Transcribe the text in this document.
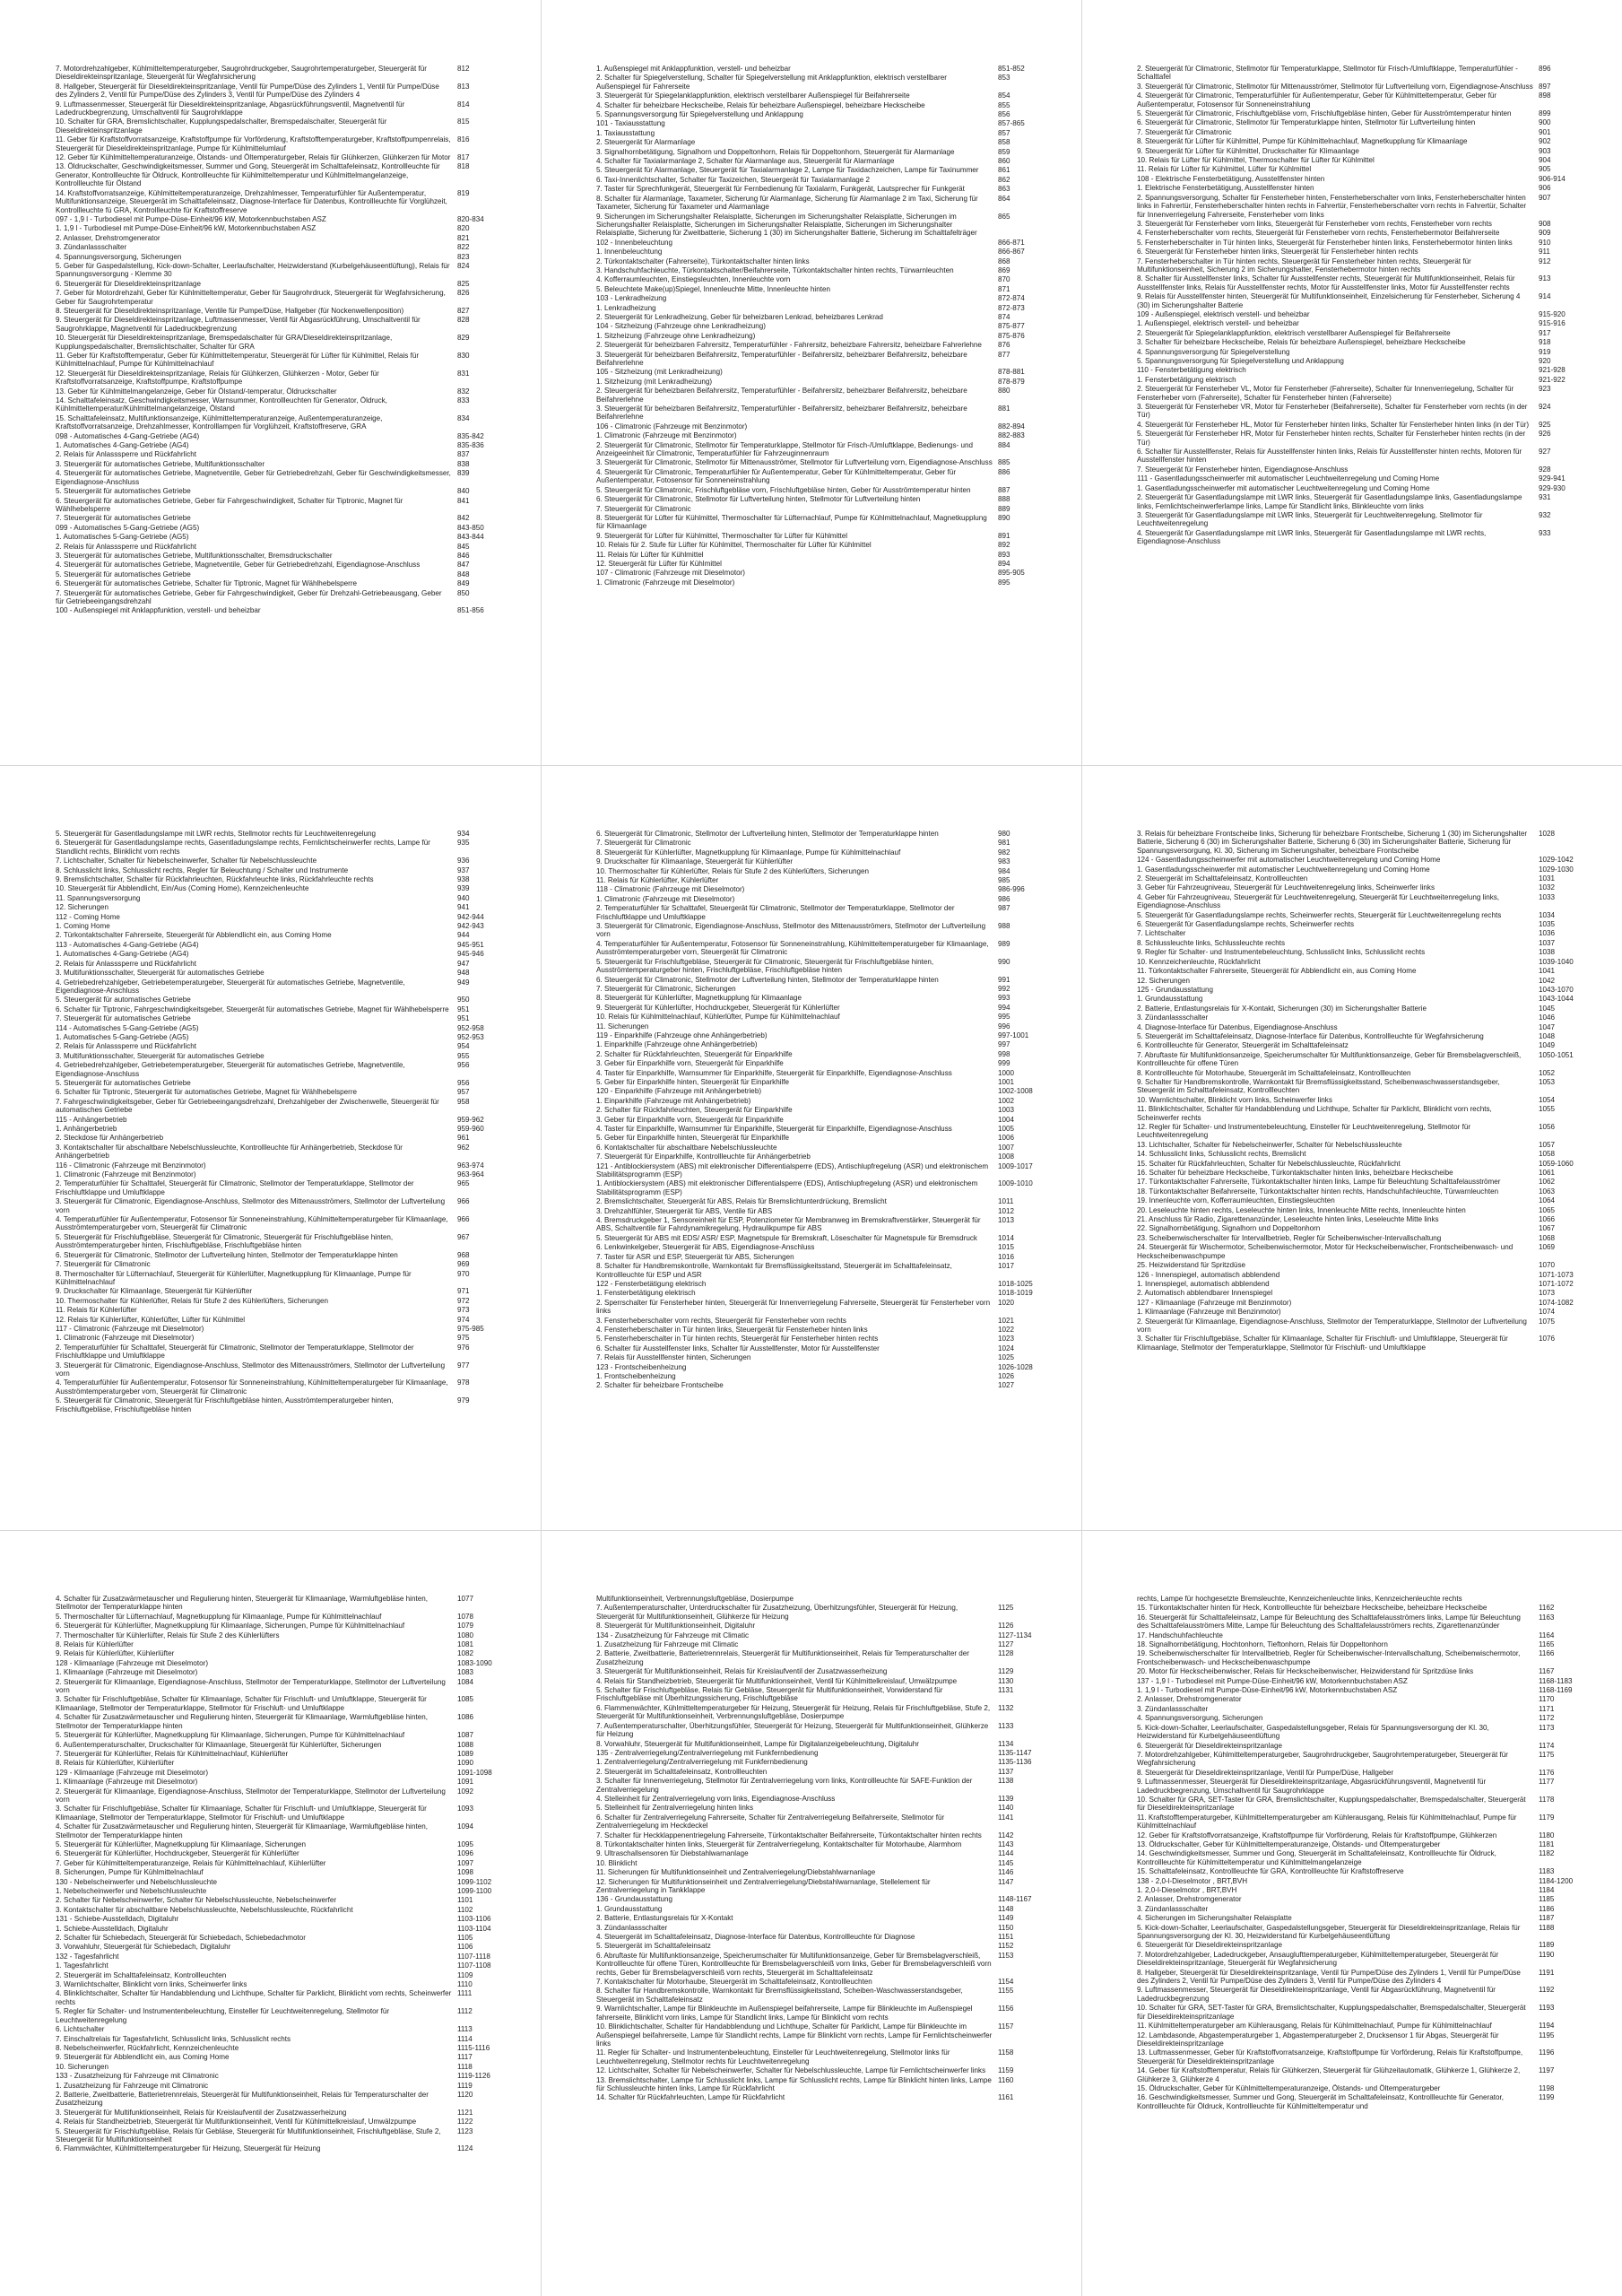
7. Motordrehzahlgeber, Kühlmitteltemperaturgeber, Saugrohrdruckgeber, Saugrohrtemperaturgeber, Steuergerät für Dieseldirekteinspritzanlage, Steuergerät für Wegfahrsicherung
812
8. Hallgeber, Steuergerät für Dieseldirekteinspritzanlage, Ventil für Pumpe/Düse des Zylinders 1, Ventil für Pumpe/Düse des Zylinders 2, Ventil für Pumpe/Düse des Zylinders 3, Ventil für Pumpe/Düse des Zylinders 4
813
9. Luftmassenmesser, Steuergerät für Dieseldirekteinspritzanlage, Abgasrückführungsventil, Magnetventil für Ladedruckbegrenzung, Umschaltventil für Saugrohrklappe
814
10. Schalter für GRA, Bremslichtschalter, Kupplungspedalschalter, Bremspedalschalter, Steuergerät für Dieseldirekteinspritzanlage
815
11. Geber für Kraftstoffvorratsanzeige, Kraftstoffpumpe für Vorförderung, Kraftstofftemperaturgeber, Kraftstoffpumpenrelais, Steuergerät für Dieseldirekteinspritzanlage, Pumpe für Kühlmittelumlauf
816
12. Geber für Kühlmitteltemperaturanzeige, Ölstands- und Öltemperaturgeber, Relais für Glühkerzen, Glühkerzen für Motor 817
13. Öldruckschalter, Geschwindigkeitsmesser, Summer und Gong, Steuergerät im Schalttafeleinsatz, Kontrollleuchte für Generator, Kontrollleuchte für Öldruck, Kontrollleuchte für Kühlmitteltemperatur und Kühlmittelmangelanzeige, Kontrollleuchte für Ölstand
818
14. Kraftstoffvorratsanzeige, Kühlmitteltemperaturanzeige, Drehzahlmesser, Temperaturfühler für Außentemperatur, Multifunktionsanzeige, Steuergerät im Schalttafeleinsatz, Diagnose-Interface für Datenbus, Kontrollleuchte für Vorglühzeit, Kontrollleuchte fü GRA, Kontrollleuchte für Kraftstoffreserve
819
097 - 1,9 l - Turbodiesel mit Pumpe-Düse-Einheit/96 kW, Motorkennbuchstaben ASZ	820-834
1. 1,9 l - Turbodiesel mit Pumpe-Düse-Einheit/96 kW, Motorkennbuchstaben ASZ	820
2. Anlasser, Drehstromgenerator	821
3. Zündanlassschalter	822
4. Spannungsversorgung, Sicherungen	823
5. Geber für Gaspedalstellung, Kick-down-Schalter, Leerlaufschalter, Heizwiderstand (Kurbelgehäuseentlüftung), Relais für Spannungsversorgung - Klemme 30
824
6. Steuergerät für Dieseldirekteinspritzanlage	825
7. Geber für Motordrehzahl, Geber für Kühlmitteltemperatur, Geber für Saugrohrdruck, Steuergerät für Wegfahrsicherung, Geber für Saugrohrtemperatur
826
8. Steuergerät für Dieseldirekteinspritzanlage, Ventile für Pumpe/Düse, Hallgeber (für Nockenwellenposition)	827
9. Steuergerät für Dieseldirekteinspritzanlage, Luftmassenmesser, Ventil für Abgasrückführung, Umschaltventil für Saugrohrklappe, Magnetventil für Ladedruckbegrenzung
828
10. Steuergerät für Dieseldirekteinspritzanlage, Bremspedalschalter für GRA/Dieseldirekteinspritzanlage, Kupplungspedalschalter, Bremslichtschalter, Schalter für GRA
829
11. Geber für Kraftstofftemperatur, Geber für Kühlmitteltemperatur, Steuergerät für Lüfter für Kühlmittel, Relais für Kühlmittelnachlauf, Pumpe für Kühlmittelnachlauf
830
12. Steuergerät für Dieseldirekteinspritzanlage, Relais für Glühkerzen, Glühkerzen - Motor, Geber für Kraftstoffvorratsanzeige, Kraftstoffpumpe, Kraftstoffpumpe
831
13. Geber für Kühlmittelmangelanzeige, Geber für Ölstand/-temperatur, Öldruckschalter	832
14. Schalttafeleinsatz, Geschwindigkeitsmesser, Warnsummer, Kontrollleuchten für Generator, Öldruck, Kühlmitteltemperatur/Kühlmittelmangelanzeige, Ölstand
833
15. Schalttafeleinsatz, Multifunktionsanzeige, Kühlmitteltemperaturanzeige, Außentemperaturanzeige, Kraftstoffvorratsanzeige, Drehzahlmesser, Kontrolllampen für Vorglühzeit, Kraftstoffreserve, GRA
834
098 - Automatisches 4-Gang-Getriebe (AG4)	835-842
1. Automatisches 4-Gang-Getriebe (AG4)	835-836
2. Relais für Anlasssperre und Rückfahrlicht	837
3. Steuergerät für automatisches Getriebe, Multifunktionsschalter	838
4. Steuergerät für automatisches Getriebe, Magnetventile, Geber für Getriebedrehzahl, Geber für Geschwindigkeitsmesser, Eigendiagnose-Anschluss
839
5. Steuergerät für automatisches Getriebe	840
6. Steuergerät für automatisches Getriebe, Geber für Fahrgeschwindigkeit, Schalter für Tiptronic, Magnet für Wählhebelsperre
841
7. Steuergerät für automatisches Getriebe	842
099 - Automatisches 5-Gang-Getriebe (AG5)	843-850
1. Automatisches 5-Gang-Getriebe (AG5)	843-844
2. Relais für Anlasssperre und Rückfahrlicht	845
3. Steuergerät für automatisches Getriebe, Multifunktionsschalter, Bremsdruckschalter	846
4. Steuergerät für automatisches Getriebe, Magnetventile, Geber für Getriebedrehzahl, Eigendiagnose-Anschluss	847
5. Steuergerät für automatisches Getriebe	848
6. Steuergerät für automatisches Getriebe, Schalter für Tiptronic, Magnet für Wählhebelsperre	849
7. Steuergerät für automatisches Getriebe, Geber für Fahrgeschwindigkeit, Geber für Drehzahl-Getriebeausgang, Geber für Getriebeeingangsdrehzahl
850
100 - Außenspiegel mit Anklappfunktion, verstell- und beheizbar	851-856
1. Außenspiegel mit Anklappfunktion, verstell- und beheizbar	851-852
2. Schalter für Spiegelverstellung, Schalter für Spiegelverstellung mit Anklappfunktion, elektrisch verstellbarer Außenspiegel für Fahrerseite
853
3. Steuergerät für Spiegelanklappfunktion, elektrisch verstellbarer Außenspiegel für Beifahrerseite	854
4. Schalter für beheizbare Heckscheibe, Relais für beheizbare Außenspiegel, beheizbare Heckscheibe	855
5. Spannungsversorgung für Spiegelverstellung und Anklappung	856
101 - Taxiausstattung	857-865
1. Taxiausstattung	857
2. Steuergerät für Alarmanlage	858
3. Signalhornbetätigung, Signalhorn und Doppeltonhorn, Relais für Doppeltonhorn, Steuergerät für Alarmanlage	859
4. Schalter für Taxialarmanlage 2, Schalter für Alarmanlage aus, Steuergerät für Alarmanlage	860
5. Steuergerät für Alarmanlage, Steuergerät für Taxialarmanlage 2, Lampe für Taxidachzeichen, Lampe für Taxinummer	861
6. Taxi-Innenlichtschalter, Schalter für Taxizeichen, Steuergerät für Taxialarmanlage 2	862
7. Taster für Sprechfunkgerät, Steuergerät für Fernbedienung für Taxialarm, Funkgerät, Lautsprecher für Funkgerät	863
8. Schalter für Alarmanlage, Taxameter, Sicherung für Alarmanlage, Sicherung für Alarmanlage 2 im Taxi, Sicherung für Taxameter, Sicherung für Taxameter und Alarmanlage
864
9. Sicherungen im Sicherungshalter Relaisplatte, Sicherungen im Sicherungshalter Relaisplatte, Sicherungen im Sicherungshalter Relaisplatte, Sicherungen im Sicherungshalter Relaisplatte, Sicherungen im Sicherungshalter Relaisplatte, Sicherung für Zweitbatterie, Sicherung 1 (30) im Sicherungshalter Batterie, Sicherung im Schalttafelträger
865
102 - Innenbeleuchtung	866-871
1. Innenbeleuchtung	866-867
2. Türkontaktschalter (Fahrerseite), Türkontaktschalter hinten links	868
3. Handschuhfachleuchte, Türkontaktschalter/Beifahrerseite, Türkontaktschalter hinten rechts, Türwarnleuchten	869
4. Kofferraumleuchten, Einstiegsleuchten, Innenleuchte vorn	870
5. Beleuchtete Make(up)Spiegel, Innenleuchte Mitte, Innenleuchte hinten	871
103 - Lenkradheizung	872-874
1. Lenkradheizung	872-873
2. Steuergerät für Lenkradheizung, Geber für beheizbaren Lenkrad, beheizbares Lenkrad	874
104 - Sitzheizung (Fahrzeuge ohne Lenkradheizung)	875-877
1. Sitzheizung (Fahrzeuge ohne Lenkradheizung)	875-876
2. Steuergerät für beheizbaren Fahrersitz, Temperaturfühler - Fahrersitz, beheizbare Fahrersitz, beheizbare Fahrerlehne	876
3. Steuergerät für beheizbaren Beifahrersitz, Temperaturfühler - Beifahrersitz, beheizbarer Beifahrersitz, beheizbare Beifahrerlehne
877
105 - Sitzheizung (mit Lenkradheizung)	878-881
1. Sitzheizung (mit Lenkradheizung)	878-879
2. Steuergerät für beheizbaren Beifahrersitz, Temperaturfühler - Beifahrersitz, beheizbarer Beifahrersitz, beheizbare Beifahrerlehne
880
3. Steuergerät für beheizbaren Beifahrersitz, Temperaturfühler - Beifahrersitz, beheizbarer Beifahrersitz, beheizbare Beifahrerlehne
881
106 - Climatronic (Fahrzeuge mit Benzinmotor)	882-894
1. Climatronic (Fahrzeuge mit Benzinmotor)	882-883
2. Steuergerät für Climatronic, Stellmotor für Temperaturklappe, Stellmotor für Frisch-/Umluftklappe, Bedienungs- und Anzeigeeinheit für Climatronic, Temperaturfühler für Fahrzeuginnenraum
884
3. Steuergerät für Climatronic, Stellmotor für Mittenausströmer, Stellmotor für Luftverteilung vorn, Eigendiagnose-Anschluss 885
4. Steuergerät für Climatronic, Temperaturfühler für Außentemperatur, Geber für Kühlmitteltemperatur, Geber für Außentemperatur, Fotosensor für Sonneneinstrahlung
886
5. Steuergerät für Climatronic, Frischluftgebläse vorn, Frischluftgebläse hinten, Geber für Ausströmtemperatur hinten	887
6. Steuergerät für Climatronic, Stellmotor für Luftverteilung hinten, Stellmotor für Luftverteilung hinten	888
7. Steuergerät für Climatronic	889
8. Steuergerät für Lüfter für Kühlmittel, Thermoschalter für Lüfternachlauf, Pumpe für Kühlmittelnachlauf, Magnetkupplung für Klimaanlage
890
9. Steuergerät für Lüfter für Kühlmittel, Thermoschalter für Lüfter für Kühlmittel	891
10. Relais für 2. Stufe für Lüfter für Kühlmittel, Thermoschalter für Lüfter für Kühlmittel	892
11. Relais für Lüfter für Kühlmittel	893
12. Steuergerät für Lüfter für Kühlmittel	894
107 - Climatronic (Fahrzeuge mit Dieselmotor)	895-905
1. Climatronic (Fahrzeuge mit Dieselmotor)	895
2. Steuergerät für Climatronic, Stellmotor für Temperaturklappe, Stellmotor für Frisch-/Umluftklappe, Temperaturfühler - Schalttafel
896
3. Steuergerät für Climatronic, Stellmotor für Mittenausströmer, Stellmotor für Luftverteilung vorn, Eigendiagnose-Anschluss 897
4. Steuergerät für Climatronic, Temperaturfühler für Außentemperatur, Geber für Kühlmitteltemperatur, Geber für Außentemperatur, Fotosensor für Sonneneinstrahlung
898
5. Steuergerät für Climatronic, Frischluftgebläse vorn, Frischluftgebläse hinten, Geber für Ausströmtemperatur hinten	899
6. Steuergerät für Climatronic, Stellmotor für Temperaturklappe hinten, Stellmotor für Luftverteilung hinten	900
7. Steuergerät für Climatronic	901
8. Steuergerät für Lüfter für Kühlmittel, Pumpe für Kühlmittelnachlauf, Magnetkupplung für Klimaanlage	902
9. Steuergerät für Lüfter für Kühlmittel, Druckschalter für Klimaanlage	903
10. Relais für Lüfter für Kühlmittel, Thermoschalter für Lüfter für Kühlmittel	904
11. Relais für Lüfter für Kühlmittel, Lüfter für Kühlmittel	905
108 - Elektrische Fensterbetätigung, Ausstellfenster hinten	906-914
1. Elektrische Fensterbetätigung, Ausstellfenster hinten	906
2. Spannungsversorgung, Schalter für Fensterheber hinten, Fensterheberschalter vorn links, Fensterheberschalter hinten links in Fahrertür, Fensterheberschalter hinten rechts in Fahrertür, Fensterheberschalter vorn rechts in Fahrertür, Schalter für Innenverriegelung Fahrerseite, Fensterheber vorn links
907
3. Steuergerät für Fensterheber vorn links, Steuergerät für Fensterheber vorn rechts, Fensterheber vorn rechts	908
4. Fensterheberschalter vorn rechts, Steuergerät für Fensterheber vorn rechts, Fensterhebermotor Beifahrerseite	909
5. Fensterheberschalter in Tür hinten links, Steuergerät für Fensterheber hinten links, Fensterhebermotor hinten links	910
6. Steuergerät für Fensterheber hinten links, Steuergerät für Fensterheber hinten rechts	911
7. Fensterheberschalter in Tür hinten rechts, Steuergerät für Fensterheber hinten rechts, Steuergerät für Multifunktionseinheit, Sicherung 2 im Sicherungshalter, Fensterhebermotor hinten rechts
912
8. Schalter für Ausstellfenster links, Schalter für Ausstellfenster rechts, Steuergerät für Multifunktionseinheit, Relais für Ausstellfenster links, Relais für Ausstellfenster rechts, Motor für Ausstellfenster links, Motor für Ausstellfenster rechts
913
9. Relais für Ausstellfenster hinten, Steuergerät für Multifunktionseinheit, Einzelsicherung für Fensterheber, Sicherung 4 (30) im Sicherungshalter Batterie
914
109 - Außenspiegel, elektrisch verstell- und beheizbar	915-920
1. Außenspiegel, elektrisch verstell- und beheizbar	915-916
2. Steuergerät für Spiegelanklappfunktion, elektrisch verstellbarer Außenspiegel für Beifahrerseite	917
3. Schalter für beheizbare Heckscheibe, Relais für beheizbare Außenspiegel, beheizbare Heckscheibe	918
4. Spannungsversorgung für Spiegelverstellung	919
5. Spannungsversorgung für Spiegelverstellung und Anklappung	920
110 - Fensterbetätigung elektrisch	921-928
1. Fensterbetätigung elektrisch	921-922
2. Steuergerät für Fensterheber VL, Motor für Fensterheber (Fahrerseite), Schalter für Innenverriegelung, Schalter für Fensterheber vorn (Fahrerseite), Schalter für Fensterheber hinten (Fahrerseite)
923
3. Steuergerät für Fensterheber VR, Motor für Fensterheber (Beifahrerseite), Schalter für Fensterheber vorn rechts (in der Tür)
924
4. Steuergerät für Fensterheber HL, Motor für Fensterheber hinten links, Schalter für Fensterheber hinten links (in der Tür)	925
5. Steuergerät für Fensterheber HR, Motor für Fensterheber hinten rechts, Schalter für Fensterheber hinten rechts (in der Tür)
926
6. Schalter für Ausstellfenster, Relais für Ausstellfenster hinten links, Relais für Ausstellfenster hinten rechts, Motoren für Ausstellfenster hinten
927
7. Steuergerät für Fensterheber hinten, Eigendiagnose-Anschluss	928
111 - Gasentladungsscheinwerfer mit automatischer Leuchtweitenregelung und Coming Home	929-941
1. Gasentladungsscheinwerfer mit automatischer Leuchtweitenregelung und Coming Home	929-930
2. Steuergerät für Gasentladungslampe mit LWR links, Steuergerät für Gasentladungslampe links, Gasentladungslampe links, Fernlichtscheinwerferlampe links, Lampe für Standlicht links, Blinkleuchte vorn links
931
3. Steuergerät für Gasentladungslampe mit LWR links, Steuergerät für Leuchtweitenregelung, Stellmotor für Leuchtweitenregelung
932
4. Steuergerät für Gasentladungslampe mit LWR links, Steuergerät für Gasentladungslampe mit LWR rechts, Eigendiagnose-Anschluss
933
5. Steuergerät für Gasentladungslampe mit LWR rechts, Stellmotor rechts für Leuchtweitenregelung	934
6. Steuergerät für Gasentladungslampe rechts, Gasentladungslampe rechts, Fernlichtscheinwerfer rechts, Lampe für Standlicht rechts, Blinklicht vorn rechts
935
7. Lichtschalter, Schalter für Nebelscheinwerfer, Schalter für Nebelschlussleuchte	936
8. Schlusslicht links, Schlusslicht rechts, Regler für Beleuchtung / Schalter und Instrumente	937
9. Bremslichtschalter, Schalter für Rückfahrleuchten, Rückfahrleuchte links, Rückfahrleuchte rechts	938
10. Steuergerät für Abblendlicht, Ein/Aus (Coming Home), Kennzeichenleuchte	939
11. Spannungsversorgung	940
12. Sicherungen	941
112 - Coming Home	942-944
1. Coming Home	942-943
2. Türkontaktschalter Fahrerseite, Steuergerät für Abblendlicht ein, aus Coming Home	944
113 - Automatisches 4-Gang-Getriebe (AG4)	945-951
1. Automatisches 4-Gang-Getriebe (AG4)	945-946
2. Relais für Anlasssperre und Rückfahrlicht	947
3. Multifunktionsschalter, Steuergerät für automatisches Getriebe	948
4. Getriebedrehzahlgeber, Getriebetemperaturgeber, Steuergerät für automatisches Getriebe, Magnetventile, Eigendiagnose-Anschluss
949
5. Steuergerät für automatisches Getriebe	950
6. Schalter für Tiptronic, Fahrgeschwindigkeitsgeber, Steuergerät für automatisches Getriebe, Magnet für Wählhebelsperre	951
7. Steuergerät für automatisches Getriebe	951
114 - Automatisches 5-Gang-Getriebe (AG5)	952-958
1. Automatisches 5-Gang-Getriebe (AG5)	952-953
2. Relais für Anlasssperre und Rückfahrlicht	954
3. Multifunktionsschalter, Steuergerät für automatisches Getriebe	955
4. Getriebedrehzahlgeber, Getriebetemperaturgeber, Steuergerät für automatisches Getriebe, Magnetventile, Eigendiagnose-Anschluss
956
5. Steuergerät für automatisches Getriebe	956
6. Schalter für Tiptronic, Steuergerät für automatisches Getriebe, Magnet für Wählhebelsperre	957
7. Fahrgeschwindigkeitsgeber, Geber für Getriebeeingangsdrehzahl, Drehzahlgeber der Zwischenwelle, Steuergerät für automatisches Getriebe
958
115 - Anhängerbetrieb	959-962
1. Anhängerbetrieb	959-960
2. Steckdose für Anhängerbetrieb	961
3. Kontaktschalter für abschaltbare Nebelschlussleuchte, Kontrollleuchte für Anhängerbetrieb, Steckdose für Anhängerbetrieb
962
116 - Climatronic (Fahrzeuge mit Benzinmotor)	963-974
1. Climatronic (Fahrzeuge mit Benzinmotor)	963-964
2. Temperaturfühler für Schalttafel, Steuergerät für Climatronic, Stellmotor der Temperaturklappe, Stellmotor der Frischluftklappe und Umluftklappe
965
3. Steuergerät für Climatronic, Eigendiagnose-Anschluss, Stellmotor des Mittenausströmers, Stellmotor der Luftverteilung vorn
966
4. Temperaturfühler für Außentemperatur, Fotosensor für Sonneneinstrahlung, Kühlmitteltemperaturgeber für Klimaanlage, Ausströmtemperaturgeber vorn, Steuergerät für Climatronic
966
5. Steuergerät für Frischluftgebläse, Steuergerät für Climatronic, Steuergerät für Frischluftgebläse hinten, Ausströmtemperaturgeber hinten, Frischluftgebläse, Frischluftgebläse hinten
967
6. Steuergerät für Climatronic, Stellmotor der Luftverteilung hinten, Stellmotor der Temperaturklappe hinten	968
7. Steuergerät für Climatronic	969
8. Thermoschalter für Lüfternachlauf, Steuergerät für Kühlerlüfter, Magnetkupplung für Klimaanlage, Pumpe für Kühlmittelnachlauf
970
9. Druckschalter für Klimaanlage, Steuergerät für Kühlerlüfter	971
10. Thermoschalter für Kühlerlüfter, Relais für Stufe 2 des Kühlerlüfters, Sicherungen	972
11. Relais für Kühlerlüfter	973
12. Relais für Kühlerlüfter, Kühlerlüfter, Lüfter für Kühlmittel	974
117 - Climatronic (Fahrzeuge mit Dieselmotor)	975-985
1. Climatronic (Fahrzeuge mit Dieselmotor)	975
2. Temperaturfühler für Schalttafel, Steuergerät für Climatronic, Stellmotor der Temperaturklappe, Stellmotor der Frischluftklappe und Umluftklappe
976
3. Steuergerät für Climatronic, Eigendiagnose-Anschluss, Stellmotor des Mittenausströmers, Stellmotor der Luftverteilung vorn
977
4. Temperaturfühler für Außentemperatur, Fotosensor für Sonneneinstrahlung, Kühlmitteltemperaturgeber für Klimaanlage, Ausströmtemperaturgeber vorn, Steuergerät für Climatronic
978
5. Steuergerät für Climatronic, Steuergerät für Frischluftgebläse hinten, Ausströmtemperaturgeber hinten, Frischluftgebläse, Frischluftgebläse hinten
979
6. Steuergerät für Climatronic, Stellmotor der Luftverteilung hinten, Stellmotor der Temperaturklappe hinten	980
7. Steuergerät für Climatronic	981
8. Steuergerät für Kühlerlüfter, Magnetkupplung für Klimaanlage, Pumpe für Kühlmittelnachlauf	982
9. Druckschalter für Klimaanlage, Steuergerät für Kühlerlüfter	983
10. Thermoschalter für Kühlerlüfter, Relais für Stufe 2 des Kühlerlüfters, Sicherungen	984
11. Relais für Kühlerlüfter, Kühlerlüfter	985
118 - Climatronic (Fahrzeuge mit Dieselmotor)	986-996
1. Climatronic (Fahrzeuge mit Dieselmotor)	986
2. Temperaturfühler für Schalttafel, Steuergerät für Climatronic, Stellmotor der Temperaturklappe, Stellmotor der Frischluftklappe und Umluftklappe
987
3. Steuergerät für Climatronic, Eigendiagnose-Anschluss, Stellmotor des Mittenausströmers, Stellmotor der Luftverteilung vorn
988
4. Temperaturfühler für Außentemperatur, Fotosensor für Sonneneinstrahlung, Kühlmitteltemperaturgeber für Klimaanlage, Ausströmtemperaturgeber vorn, Steuergerät für Climatronic
989
5. Steuergerät für Frischluftgebläse, Steuergerät für Climatronic, Steuergerät für Frischluftgebläse hinten, Ausströmtemperaturgeber hinten, Frischluftgebläse, Frischluftgebläse hinten
990
6. Steuergerät für Climatronic, Stellmotor der Luftverteilung hinten, Stellmotor der Temperaturklappe hinten	991
7. Steuergerät für Climatronic, Sicherungen	992
8. Steuergerät für Kühlerlüfter, Magnetkupplung für Klimaanlage	993
9. Steuergerät für Kühlerlüfter, Hochdruckgeber, Steuergerät für Kühlerlüfter	994
10. Relais für Kühlmittelnachlauf, Kühlerlüfter, Pumpe für Kühlmittelnachlauf	995
11. Sicherungen	996
119 - Einparkhilfe (Fahrzeuge ohne Anhängerbetrieb)	997-1001
1. Einparkhilfe (Fahrzeuge ohne Anhängerbetrieb)	997
2. Schalter für Rückfahrleuchten, Steuergerät für Einparkhilfe	998
3. Geber für Einparkhilfe vorn, Steuergerät für Einparkhilfe	999
4. Taster für Einparkhilfe, Warnsummer für Einparkhilfe, Steuergerät für Einparkhilfe, Eigendiagnose-Anschluss	1000
5. Geber für Einparkhilfe hinten, Steuergerät für Einparkhilfe	1001
120 - Einparkhilfe (Fahrzeuge mit Anhängerbetrieb)	1002-1008
1. Einparkhilfe (Fahrzeuge mit Anhängerbetrieb)	1002
2. Schalter für Rückfahrleuchten, Steuergerät für Einparkhilfe	1003
3. Geber für Einparkhilfe vorn, Steuergerät für Einparkhilfe	1004
4. Taster für Einparkhilfe, Warnsummer für Einparkhilfe, Steuergerät für Einparkhilfe, Eigendiagnose-Anschluss	1005
5. Geber für Einparkhilfe hinten, Steuergerät für Einparkhilfe	1006
6. Kontaktschalter für abschaltbare Nebelschlussleuchte	1007
7. Steuergerät für Einparkhilfe, Kontrollleuchte für Anhängerbetrieb	1008
121 - Antiblockiersystem (ABS) mit elektronischer Differentialsperre (EDS), Antischlupfregelung (ASR) und elektronischem Stabilitätsprogramm (ESP)
1009-1017
1. Antiblockiersystem (ABS) mit elektronischer Differentialsperre (EDS), Antischlupfregelung (ASR) und elektronischem Stabilitätsprogramm (ESP)
1009-1010
2. Bremslichtschalter, Steuergerät für ABS, Relais für Bremslichtunterdrückung, Bremslicht	1011
3. Drehzahlfühler, Steuergerät für ABS, Ventile für ABS	1012
4. Bremsdruckgeber 1, Sensoreinheit für ESP, Potenziometer für Membranweg im Bremskraftverstärker, Steuergerät für ABS, Schaltventile für Fahrdynamikregelung, Hydraulikpumpe für ABS
1013
5. Steuergerät für ABS mit EDS/ ASR/ ESP, Magnetspule für Bremskraft, Löseschalter für Magnetspule für Bremsdruck	1014
6. Lenkwinkelgeber, Steuergerät für ABS, Eigendiagnose-Anschluss	1015
7. Taster für ASR und ESP, Steuergerät für ABS, Sicherungen	1016
8. Schalter für Handbremskontrolle, Warnkontakt für Bremsflüssigkeitsstand, Steuergerät im Schalttafeleinsatz, Kontrollleuchte für ESP und ASR
1017
122 - Fensterbetätigung elektrisch	1018-1025
1. Fensterbetätigung elektrisch	1018-1019
2. Sperrschalter für Fensterheber hinten, Steuergerät für Innenverriegelung Fahrerseite, Steuergerät für Fensterheber vorn links
1020
3. Fensterheberschalter vorn rechts, Steuergerät für Fensterheber vorn rechts	1021
4. Fensterheberschalter in Tür hinten links, Steuergerät für Fensterheber hinten links	1022
5. Fensterheberschalter in Tür hinten rechts, Steuergerät für Fensterheber hinten rechts	1023
6. Schalter für Ausstellfenster links, Schalter für Ausstellfenster, Motor für Ausstellfenster	1024
7. Relais für Ausstellfenster hinten, Sicherungen	1025
123 - Frontscheibenheizung	1026-1028
1. Frontscheibenheizung	1026
2. Schalter für beheizbare Frontscheibe	1027
3. Relais für beheizbare Frontscheibe links, Sicherung für beheizbare Frontscheibe, Sicherung 1 (30) im Sicherungshalter Batterie, Sicherung 6 (30) im Sicherungshalter Batterie, Sicherung 6 (30) im Sicherungshalter Batterie, Sicherung für Spannungsversorgung, Kl. 30, Sicherung im Sicherungshalter, beheizbare Frontscheibe
1028
124 - Gasentladungsscheinwerfer mit automatischer Leuchtweitenregelung und Coming Home	1029-1042
1. Gasentladungsscheinwerfer mit automatischer Leuchtweitenregelung und Coming Home	1029-1030
2. Steuergerät im Schalttafeleinsatz, Kontrollleuchten	1031
3. Geber für Fahrzeugniveau, Steuergerät für Leuchtweitenregelung links, Scheinwerfer links	1032
4. Geber für Fahrzeugniveau, Steuergerät für Leuchtweitenregelung, Steuergerät für Leuchtweitenregelung links, Eigendiagnose-Anschluss
1033
5. Steuergerät für Gasentladungslampe rechts, Scheinwerfer rechts, Steuergerät für Leuchtweitenregelung rechts	1034
6. Steuergerät für Gasentladungslampe rechts, Scheinwerfer rechts	1035
7. Lichtschalter	1036
8. Schlussleuchte links, Schlussleuchte rechts	1037
9. Regler für Schalter- und Instrumentebeleuchtung, Schlusslicht links, Schlusslicht rechts	1038
10. Kennzeichenleuchte, Rückfahrlicht	1039-1040
11. Türkontaktschalter Fahrerseite, Steuergerät für Abblendlicht ein, aus Coming Home	1041
12. Sicherungen	1042
125 - Grundausstattung	1043-1070
1. Grundausstattung	1043-1044
2. Batterie, Entlastungsrelais für X-Kontakt, Sicherungen (30) im Sicherungshalter Batterie	1045
3. Zündanlassschalter	1046
4. Diagnose-Interface für Datenbus, Eigendiagnose-Anschluss	1047
5. Steuergerät im Schalttafeleinsatz, Diagnose-Interface für Datenbus, Kontrollleuchte für Wegfahrsicherung	1048
6. Kontrollleuchte für Generator, Steuergerät im Schalttafeleinsatz	1049
7. Abruftaste für Multifunktionsanzeige, Speicherumschalter für Multifunktionsanzeige, Geber für Bremsbelagverschleiß, Kontrollleuchte für offene Türen
1050-1051
8. Kontrollleuchte für Motorhaube, Steuergerät im Schalttafeleinsatz, Kontrollleuchten	1052
9. Schalter für Handbremskontrolle, Warnkontakt für Bremsflüssigkeitsstand, Scheibenwaschwasserstandsgeber, Steuergerät im Schalttafeleinsatz, Kontrollleuchten
1053
10. Warnlichtschalter, Blinklicht vorn links, Scheinwerfer links	1054
11. Blinklichtschalter, Schalter für Handabblendung und Lichthupe, Schalter für Parklicht, Blinklicht vorn rechts, Scheinwerfer rechts
1055
12. Regler für Schalter- und Instrumentebeleuchtung, Einsteller für Leuchtweitenregelung, Stellmotor für Leuchtweitenregelung
1056
13. Lichtschalter, Schalter für Nebelscheinwerfer, Schalter für Nebelschlussleuchte	1057
14. Schlusslicht links, Schlusslicht rechts, Bremslicht	1058
15. Schalter für Rückfahrleuchten, Schalter für Nebelschlussleuchte, Rückfahrlicht	1059-1060
16. Schalter für beheizbare Heckscheibe, Türkontaktschalter hinten links, beheizbare Heckscheibe	1061
17. Türkontaktschalter Fahrerseite, Türkontaktschalter hinten links, Lampe für Beleuchtung Schalttafelausströmer	1062
18. Türkontaktschalter Beifahrerseite, Türkontaktschalter hinten rechts, Handschuhfachleuchte, Türwarnleuchten	1063
19. Innenleuchte vorn, Kofferraumleuchten, Einstiegsleuchten	1064
20. Leseleuchte hinten rechts, Leseleuchte hinten links, Innenleuchte Mitte rechts, Innenleuchte hinten	1065
21. Anschluss für Radio, Zigarettenanzünder, Leseleuchte hinten links, Leseleuchte Mitte links	1066
22. Signalhornbetätigung, Signalhorn und Doppeltonhorn	1067
23. Scheibenwischerschalter für Intervallbetrieb, Regler für Scheibenwischer-Intervallschaltung	1068
24. Steuergerät für Wischermotor, Scheibenwischermotor, Motor für Heckscheibenwischer, Frontscheibenwasch- und Heckscheibenwaschpumpe
1069
25. Heizwiderstand für Spritzdüse	1070
126 - Innenspiegel, automatisch abblendend	1071-1073
1. Innenspiegel, automatisch abblendend	1071-1072
2. Automatisch abblendbarer Innenspiegel	1073
127 - Klimaanlage (Fahrzeuge mit Benzinmotor)	1074-1082
1. Klimaanlage (Fahrzeuge mit Benzinmotor)	1074
2. Steuergerät für Klimaanlage, Eigendiagnose-Anschluss, Stellmotor der Temperaturklappe, Stellmotor der Luftverteilung vorn
1075
3. Schalter für Frischluftgebläse, Schalter für Klimaanlage, Schalter für Frischluft- und Umluftklappe, Steuergerät für Klimaanlage, Stellmotor der Temperaturklappe, Stellmotor für Frischluft- und Umluftklappe
1076
4. Schalter für Zusatzwärmetauscher und Regulierung hinten, Steuergerät für Klimaanlage, Warmluftgebläse hinten, Stellmotor der Temperaturklappe hinten
1077
5. Thermoschalter für Lüfternachlauf, Magnetkupplung für Klimaanlage, Pumpe für Kühlmittelnachlauf	1078
6. Steuergerät für Kühlerlüfter, Magnetkupplung für Klimaanlage, Sicherungen, Pumpe für Kühlmittelnachlauf	1079
7. Thermoschalter für Kühlerlüfter, Relais für Stufe 2 des Kühlerlüfters	1080
8. Relais für Kühlerlüfter	1081
9. Relais für Kühlerlüfter, Kühlerlüfter	1082
128 - Klimaanlage (Fahrzeuge mit Dieselmotor)	1083-1090
1. Klimaanlage (Fahrzeuge mit Dieselmotor)	1083
2. Steuergerät für Klimaanlage, Eigendiagnose-Anschluss, Stellmotor der Temperaturklappe, Stellmotor der Luftverteilung vorn
1084
3. Schalter für Frischluftgebläse, Schalter für Klimaanlage, Schalter für Frischluft- und Umluftklappe, Steuergerät für Klimaanlage, Stellmotor der Temperaturklappe, Stellmotor für Frischluft- und Umluftklappe
1085
4. Schalter für Zusatzwärmetauscher und Regulierung hinten, Steuergerät für Klimaanlage, Warmluftgebläse hinten, Stellmotor der Temperaturklappe hinten
1086
5. Steuergerät für Kühlerlüfter, Magnetkupplung für Klimaanlage, Sicherungen, Pumpe für Kühlmittelnachlauf	1087
6. Außentemperaturschalter, Druckschalter für Klimaanlage, Steuergerät für Kühlerlüfter, Sicherungen	1088
7. Steuergerät für Kühlerlüfter, Relais für Kühlmittelnachlauf, Kühlerlüfter	1089
8. Relais für Kühlerlüfter, Kühlerlüfter	1090
129 - Klimaanlage (Fahrzeuge mit Dieselmotor)	1091-1098
1. Klimaanlage (Fahrzeuge mit Dieselmotor)	1091
2. Steuergerät für Klimaanlage, Eigendiagnose-Anschluss, Stellmotor der Temperaturklappe, Stellmotor der Luftverteilung vorn
1092
3. Schalter für Frischluftgebläse, Schalter für Klimaanlage, Schalter für Frischluft- und Umluftklappe, Steuergerät für Klimaanlage, Stellmotor der Temperaturklappe, Stellmotor für Frischluft- und Umluftklappe
1093
4. Schalter für Zusatzwärmetauscher und Regulierung hinten, Steuergerät für Klimaanlage, Warmluftgebläse hinten, Stellmotor der Temperaturklappe hinten
1094
5. Steuergerät für Kühlerlüfter, Magnetkupplung für Klimaanlage, Sicherungen	1095
6. Steuergerät für Kühlerlüfter, Hochdruckgeber, Steuergerät für Kühlerlüfter	1096
7. Geber für Kühlmitteltemperaturanzeige, Relais für Kühlmittelnachlauf, Kühlerlüfter	1097
8. Sicherungen, Pumpe für Kühlmittelnachlauf	1098
130 - Nebelscheinwerfer und Nebelschlussleuchte	1099-1102
1. Nebelscheinwerfer und Nebelschlussleuchte	1099-1100
2. Schalter für Nebelscheinwerfer, Schalter für Nebelschlussleuchte, Nebelscheinwerfer	1101
3. Kontaktschalter für abschaltbare Nebelschlussleuchte, Nebelschlussleuchte, Rückfahrlicht	1102
131 - Schiebe-Ausstelldach, Digitaluhr	1103-1106
1. Schiebe-Ausstelldach, Digitaluhr	1103-1104
2. Schalter für Schiebedach, Steuergerät für Schiebedach, Schiebedachmotor	1105
3. Vorwahluhr, Steuergerät für Schiebedach, Digitaluhr	1106
132 - Tagesfahrlicht	1107-1118
1. Tagesfahrlicht	1107-1108
2. Steuergerät im Schalttafeleinsatz, Kontrollleuchten	1109
3. Warnlichtschalter, Blinklicht vorn links, Scheinwerfer links	1110
4. Blinklichtschalter, Schalter für Handabblendung und Lichthupe, Schalter für Parklicht, Blinklicht vorn rechts, Scheinwerfer rechts
1111
5. Regler für Schalter- und Instrumentenbeleuchtung, Einsteller für Leuchtweitenregelung, Stellmotor für Leuchtweitenregelung
1112
6. Lichtschalter	1113
7. Einschaltrelais für Tagesfahrlicht, Schlusslicht links, Schlusslicht rechts	1114
8. Nebelscheinwerfer, Rückfahrlicht, Kennzeichenleuchte	1115-1116
9. Steuergerät für Abblendlicht ein, aus Coming Home	1117
10. Sicherungen	1118
133 - Zusatzheizung für Fahrzeuge mit Climatronic	1119-1126
1. Zusatzheizung für Fahrzeuge mit Climatronic	1119
2. Batterie, Zweitbatterie, Batterietrennrelais, Steuergerät für Multifunktionseinheit, Relais für Temperaturschalter der Zusatzheizung
1120
3. Steuergerät für Multifunktionseinheit, Relais für Kreislaufventil der Zusatzwasserheizung	1121
4. Relais für Standheizbetrieb, Steuergerät für Multifunktionseinheit, Ventil für Kühlmittelkreislauf, Umwälzpumpe	1122
5. Steuergerät für Frischluftgebläse, Relais für Gebläse, Steuergerät für Multifunktionseinheit, Frischluftgebläse, Stufe 2, Steuergerät für Multifunktionseinheit
1123
6. Flammwächter, Kühlmitteltemperaturgeber für Heizung, Steuergerät für Heizung	1124
Multifunktionseinheit, Verbrennungsluftgebläse, Dosierpumpe
7. Außentemperaturschalter, Unterdruckschalter für Zusatzheizung, Überhitzungsfühler, Steuergerät für Heizung, Steuergerät für Multifunktionseinheit, Glühkerze für Heizung
1125
8. Steuergerät für Multifunktionseinheit, Digitaluhr	1126
134 - Zusatzheizung für Fahrzeuge mit Climatic	1127-1134
1. Zusatzheizung für Fahrzeuge mit Climatic	1127
2. Batterie, Zweitbatterie, Batterietrennrelais, Steuergerät für Multifunktionseinheit, Relais für Temperaturschalter der Zusatzheizung
1128
3. Steuergerät für Multifunktionseinheit, Relais für Kreislaufventil der Zusatzwasserheizung	1129
4. Relais für Standheizbetrieb, Steuergerät für Multifunktionseinheit, Ventil für Kühlmittelkreislauf, Umwälzpumpe	1130
5. Schalter für Frischluftgebläse, Relais für Gebläse, Steuergerät für Multifunktionseinheit, Vorwiderstand für Frischluftgebläse mit Überhitzungssicherung, Frischluftgebläse
1131
6. Flammenwächter, Kühlmitteltemperaturgeber für Heizung, Steuergerät für Heizung, Relais für Frischluftgebläse, Stufe 2, Steuergerät für Multifunktionseinheit, Verbrennungsluftgebläse, Dosierpumpe
1132
7. Außentemperaturschalter, Überhitzungsfühler, Steuergerät für Heizung, Steuergerät für Multifunktionseinheit, Glühkerze für Heizung
1133
8. Vorwahluhr, Steuergerät für Multifunktionseinheit, Lampe für Digitalanzeigebeleuchtung, Digitaluhr	1134
135 - Zentralverriegelung/Zentralverriegelung mit Funkfernbedienung	1135-1147
1. Zentralverriegelung/Zentralverriegelung mit Funkfernbedienung	1135-1136
2. Steuergerät im Schalttafeleinsatz, Kontrollleuchten	1137
3. Schalter für Innenverriegelung, Stellmotor für Zentralverriegelung vorn links, Kontrollleuchte für SAFE-Funktion der Zentralverriegelung
1138
4. Stelleinheit für Zentralverriegelung vorn links, Eigendiagnose-Anschluss	1139
5. Stelleinheit für Zentralverriegelung hinten links	1140
6. Schalter für Zentralverriegelung Fahrerseite, Schalter für Zentralverriegelung Beifahrerseite, Stellmotor für Zentralverriegelung im Heckdeckel
1141
7. Schalter für Heckklappenentriegelung Fahrerseite, Türkontaktschalter Beifahrerseite, Türkontaktschalter hinten rechts	1142
8. Türkontaktschalter hinten links, Steuergerät für Zentralverriegelung, Kontaktschalter für Motorhaube, Alarmhorn	1143
9. Ultraschallsensoren für Diebstahlwarnanlage	1144
10. Blinklicht	1145
11. Sicherungen für Multifunktionseinheit und Zentralverriegelung/Diebstahlwarnanlage	1146
12. Sicherungen für Multifunktionseinheit und Zentralverriegelung/Diebstahlwarnanlage, Stellelement für Zentralverriegelung in Tankklappe
1147
136 - Grundausstattung	1148-1167
1. Grundausstattung	1148
2. Batterie, Entlastungsrelais für X-Kontakt	1149
3. Zündanlassschalter	1150
4. Steuergerät im Schalttafeleinsatz, Diagnose-Interface für Datenbus, Kontrollleuchte für Diagnose	1151
5. Steuergerät im Schalttafeleinsatz	1152
6. Abruftaste für Multifunktionsanzeige, Speicherumschalter für Multifunktionsanzeige, Geber für Bremsbelagverschleiß, Kontrollleuchte für offene Türen, Kontrollleuchte für Bremsbelagverschleiß vorn links, Geber für Bremsbelagverschleiß vorn rechts, Geber für Bremsbelagverschleiß vorn rechts, Steuergerät im Schalttafeleinsatz
1153
7. Kontaktschalter für Motorhaube, Steuergerät im Schalttafeleinsatz, Kontrollleuchten	1154
8. Schalter für Handbremskontrolle, Warnkontakt für Bremsflüssigkeitsstand, Scheiben-Waschwasserstandsgeber, Steuergerät im Schalttafeleinsatz
1155
9. Warnlichtschalter, Lampe für Blinkleuchte im Außenspiegel beifahrerseite, Lampe für Blinkleuchte im Außenspiegel fahrerseite, Blinklicht vorn links, Lampe für Standlicht links, Lampe für Blinklicht vorn rechts
1156
10. Blinklichtschalter, Schalter für Handabblendung und Lichthupe, Schalter für Parklicht, Lampe für Blinkleuchte im Außenspiegel beifahrerseite, Lampe für Standlicht rechts, Lampe für Blinklicht vorn rechts, Lampe für Fernlichtscheinwerfer links
1157
11. Regler für Schalter- und Instrumentenbeleuchtung, Einsteller für Leuchtweitenregelung, Stellmotor links für Leuchtweitenregelung, Stellmotor rechts für Leuchtweitenregelung
1158
12. Lichtschalter, Schalter für Nebelscheinwerfer, Schalter für Nebelschlussleuchte, Lampe für Fernlichtscheinwerfer links	1159
13. Bremslichtschalter, Lampe für Schlusslicht links, Lampe für Schlusslicht rechts, Lampe für Blinklicht hinten links, Lampe für Schlussleuchte hinten links, Lampe für Rückfahrlicht
1160
14. Schalter für Rückfahrleuchten, Lampe für Rückfahrlicht	1161
rechts, Lampe für hochgesetzte Bremsleuchte, Kennzeichenleuchte links, Kennzeichenleuchte rechts
15. Türkontaktschalter hinten für Heck, Kontrollleuchte für beheizbare Heckscheibe, beheizbare Heckscheibe	1162
16. Steuergerät für Schalttafeleinsatz, Lampe für Beleuchtung des Schalttafelausströmers links, Lampe für Beleuchtung des Schalttafelausströmers Mitte, Lampe für Beleuchtung des Schalttafelausströmers rechts, Zigarettenanzünder
1163
17. Handschuhfachleuchte	1164
18. Signalhornbetätigung, Hochtonhorn, Tieftonhorn, Relais für Doppeltonhorn	1165
19. Scheibenwischerschalter für Intervallbetrieb, Regler für Scheibenwischer-Intervallschaltung, Scheibenwischermotor, Frontscheibenwasch- und Heckscheibenwaschpumpe
1166
20. Motor für Heckscheibenwischer, Relais für Heckscheibenwischer, Heizwiderstand für Spritzdüse links	1167
137 - 1,9 l - Turbodiesel mit Pumpe-Düse-Einheit/96 kW, Motorkennbuchstaben ASZ	1168-1183
1. 1,9 l - Turbodiesel mit Pumpe-Düse-Einheit/96 kW, Motorkennbuchstaben ASZ	1168-1169
2. Anlasser, Drehstromgenerator	1170
3. Zündanlassschalter	1171
4. Spannungsversorgung, Sicherungen	1172
5. Kick-down-Schalter, Leerlaufschalter, Gaspedalstellungsgeber, Relais für Spannungsversorgung der Kl. 30, Heizwiderstand für Kurbelgehäuseentlüftung
1173
6. Steuergerät für Dieseldirekteinspritzanlage	1174
7. Motordrehzahlgeber, Kühlmitteltemperaturgeber, Saugrohrdruckgeber, Saugrohrtemperaturgeber, Steuergerät für Wegfahrsicherung
1175
8. Steuergerät für Dieseldirekteinspritzanlage, Ventil für Pumpe/Düse, Hallgeber	1176
9. Luftmassenmesser, Steuergerät für Dieseldirekteinspritzanlage, Abgasrückführungsventil, Magnetventil für Ladedruckbegrenzung, Umschaltventil für Saugrohrklappe
1177
10. Schalter für GRA, SET-Taster für GRA, Bremslichtschalter, Kupplungspedalschalter, Bremspedalschalter, Steuergerät für Dieseldirekteinspritzanlage
1178
11. Kraftstofftemperaturgeber, Kühlmitteltemperaturgeber am Kühlerausgang, Relais für Kühlmittelnachlauf, Pumpe für Kühlmittelnachlauf
1179
12. Geber für Kraftstoffvorratsanzeige, Kraftstoffpumpe für Vorförderung, Relais für Kraftstoffpumpe, Glühkerzen	1180
13. Öldruckschalter, Geber für Kühlmitteltemperaturanzeige, Ölstands- und Öltemperaturgeber	1181
14. Geschwindigkeitsmesser, Summer und Gong, Steuergerät im Schalttafeleinsatz, Kontrollleuchte für Öldruck, Kontrollleuchte für Kühlmitteltemperatur und Kühlmittelmangelanzeige
1182
15. Schalttafeleinsatz, Kontrollleuchte für GRA, Kontrollleuchte für Kraftstoffreserve	1183
138 - 2,0-l-Dieselmotor , BRT,BVH	1184-1200
1. 2,0-l-Dieselmotor , BRT,BVH	1184
2. Anlasser, Drehstromgenerator	1185
3. Zündanlassschalter	1186
4. Sicherungen im Sicherungshalter Relaisplatte	1187
5. Kick-down-Schalter, Leerlaufschalter, Gaspedalstellungsgeber, Steuergerät für Dieseldirekteinspritzanlage, Relais für Spannungsversorgung der Kl. 30, Heizwiderstand für Kurbelgehäuseentlüftung
1188
6. Steuergerät für Dieseldirekteinspritzanlage	1189
7. Motordrehzahlgeber, Ladedruckgeber, Ansauglufttemperaturgeber, Kühlmitteltemperaturgeber, Steuergerät für Dieseldirekteinspritzanlage, Steuergerät für Wegfahrsicherung
1190
8. Hallgeber, Steuergerät für Dieseldirekteinspritzanlage, Ventil für Pumpe/Düse des Zylinders 1, Ventil für Pumpe/Düse des Zylinders 2, Ventil für Pumpe/Düse des Zylinders 3, Ventil für Pumpe/Düse des Zylinders 4
1191
9. Luftmassenmesser, Steuergerät für Dieseldirekteinspritzanlage, Ventil für Abgasrückführung, Magnetventil für Ladedruckbegrenzung
1192
10. Schalter für GRA, SET-Taster für GRA, Bremslichtschalter, Kupplungspedalschalter, Bremspedalschalter, Steuergerät für Dieseldirekteinspritzanlage
1193
11. Kühlmitteltemperaturgeber am Kühlerausgang, Relais für Kühlmittelnachlauf, Pumpe für Kühlmittelnachlauf	1194
12. Lambdasonde, Abgastemperaturgeber 1, Abgastemperaturgeber 2, Drucksensor 1 für Abgas, Steuergerät für Dieseldirekteinspritzanlage
1195
13. Luftmassenmesser, Geber für Kraftstoffvorratsanzeige, Kraftstoffpumpe für Vorförderung, Relais für Kraftstoffpumpe, Steuergerät für Dieseldirekteinspritzanlage
1196
14. Geber für Kraftstofftemperatur, Relais für Glühkerzen, Steuergerät für Glühzeitautomatik, Glühkerze 1, Glühkerze 2, Glühkerze 3, Glühkerze 4
1197
15. Öldruckschalter, Geber für Kühlmitteltemperaturanzeige, Ölstands- und Öltemperaturgeber	1198
16. Geschwindigkeitsmesser, Summer und Gong, Steuergerät im Schalttafeleinsatz, Kontrollleuchte für Generator, Kontrollleuchte für Öldruck, Kontrollleuchte für Kühlmitteltemperatur und
1199
